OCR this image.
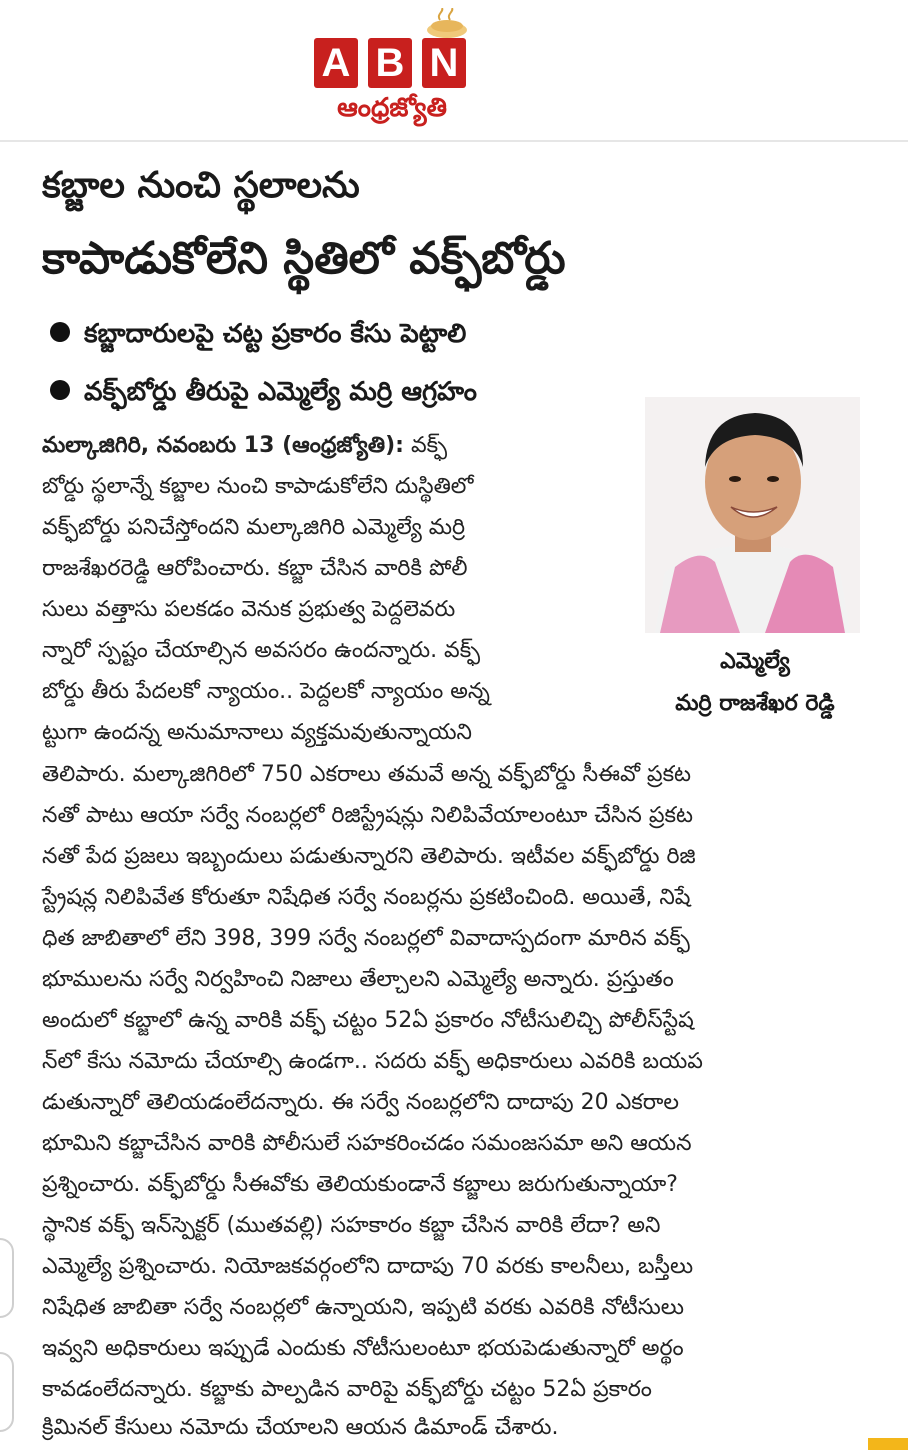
A B N
ఆంధ్రజ్యోతి
కబ్జాల నుంచి స్థలాలను
కాపాడుకోలేని స్థితిలో వక్ఫ్‌బోర్డు
కబ్జాదారులపై చట్ట ప్రకారం కేసు పెట్టాలి
వక్ఫ్‌బోర్డు తీరుపై ఎమ్మెల్యే మర్రి ఆగ్రహం
ఎమ్మెల్యే
మర్రి రాజశేఖర రెడ్డి
మల్కాజిగిరి, నవంబరు 13 (ఆంధ్రజ్యోతి): వక్ఫ్
బోర్డు స్థలాన్నే కబ్జాల నుంచి కాపాడుకోలేని దుస్థితిలో
వక్ఫ్‌బోర్డు పనిచేస్తోందని మల్కాజిగిరి ఎమ్మెల్యే మర్రి
రాజశేఖరరెడ్డి ఆరోపించారు. కబ్జా చేసిన వారికి పోలీ
సులు వత్తాసు పలకడం వెనుక ప్రభుత్వ పెద్దలెవరు
న్నారో స్పష్టం చేయాల్సిన అవసరం ఉందన్నారు. వక్ఫ్
బోర్డు తీరు పేదలకో న్యాయం.. పెద్దలకో న్యాయం అన్న
ట్టుగా ఉందన్న అనుమానాలు వ్యక్తమవుతున్నాయని
తెలిపారు. మల్కాజిగిరిలో 750 ఎకరాలు తమవే అన్న వక్ఫ్‌బోర్డు సీఈవో ప్రకట
నతో పాటు ఆయా సర్వే నంబర్లలో రిజిస్ట్రేషన్లు నిలిపివేయాలంటూ చేసిన ప్రకట
నతో పేద ప్రజలు ఇబ్బందులు పడుతున్నారని తెలిపారు. ఇటీవల వక్ఫ్‌బోర్డు రిజి
స్ట్రేషన్ల నిలిపివేత కోరుతూ నిషేధిత సర్వే నంబర్లను ప్రకటించింది. అయితే, నిషే
ధిత జాబితాలో లేని 398, 399 సర్వే నంబర్లలో వివాదాస్పదంగా మారిన వక్ఫ్
భూములను సర్వే నిర్వహించి నిజాలు తేల్చాలని ఎమ్మెల్యే అన్నారు. ప్రస్తుతం
అందులో కబ్జాలో ఉన్న వారికి వక్ఫ్ చట్టం 52ఏ ప్రకారం నోటీసులిచ్చి పోలీస్‌స్టేష
న్‌లో కేసు నమోదు చేయాల్సి ఉండగా.. సదరు వక్ఫ్ అధికారులు ఎవరికి బయప
డుతున్నారో తెలియడంలేదన్నారు. ఈ సర్వే నంబర్లలోని దాదాపు 20 ఎకరాల
భూమిని కబ్జాచేసిన వారికి పోలీసులే సహకరించడం సమంజసమా అని ఆయన
ప్రశ్నించారు. వక్ఫ్‌బోర్డు సీఈవోకు తెలియకుండానే కబ్జాలు జరుగుతున్నాయా?
స్థానిక వక్ఫ్ ఇన్‌స్పెక్టర్ (ముతవల్లి) సహకారం కబ్జా చేసిన వారికి లేదా? అని
ఎమ్మెల్యే ప్రశ్నించారు. నియోజకవర్గంలోని దాదాపు 70 వరకు కాలనీలు, బస్తీలు
నిషేధిత జాబితా సర్వే నంబర్లలో ఉన్నాయని, ఇప్పటి వరకు ఎవరికి నోటీసులు
ఇవ్వని అధికారులు ఇప్పుడే ఎందుకు నోటీసులంటూ భయపెడుతున్నారో అర్థం
కావడంలేదన్నారు. కబ్జాకు పాల్పడిన వారిపై వక్ఫ్‌బోర్డు చట్టం 52ఏ ప్రకారం
క్రిమినల్ కేసులు నమోదు చేయాలని ఆయన డిమాండ్ చేశారు.
